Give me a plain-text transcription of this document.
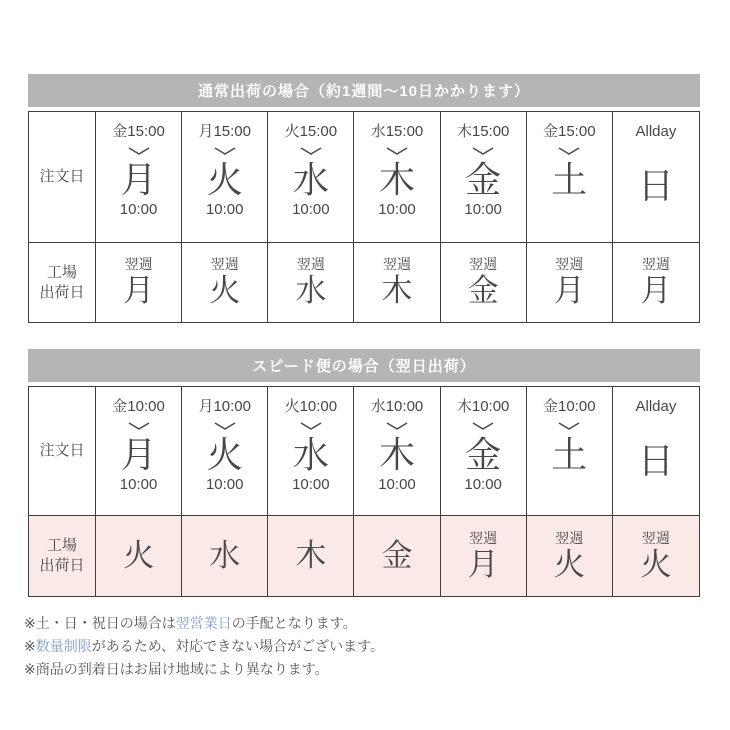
通常出荷の場合（約1週間〜10日かかります）
注文日
金15:00
月
10:00
月15:00
火
10:00
火15:00
水
10:00
水15:00
木
10:00
木15:00
金
10:00
金15:00
土
Allday
日
工場
出荷日
翌週
月
翌週
火
翌週
水
翌週
木
翌週
金
翌週
月
翌週
月
スピード便の場合（翌日出荷）
注文日
金10:00
月
10:00
月10:00
火
10:00
火10:00
水
10:00
水10:00
木
10:00
木10:00
金
10:00
金10:00
土
Allday
日
工場
出荷日 火 水 木 金
翌週
月
翌週
火
翌週
火
※土・日・祝日の場合は翌営業日の手配となります。
※数量制限があるため、対応できない場合がございます。
※商品の到着日はお届け地域により異なります。
